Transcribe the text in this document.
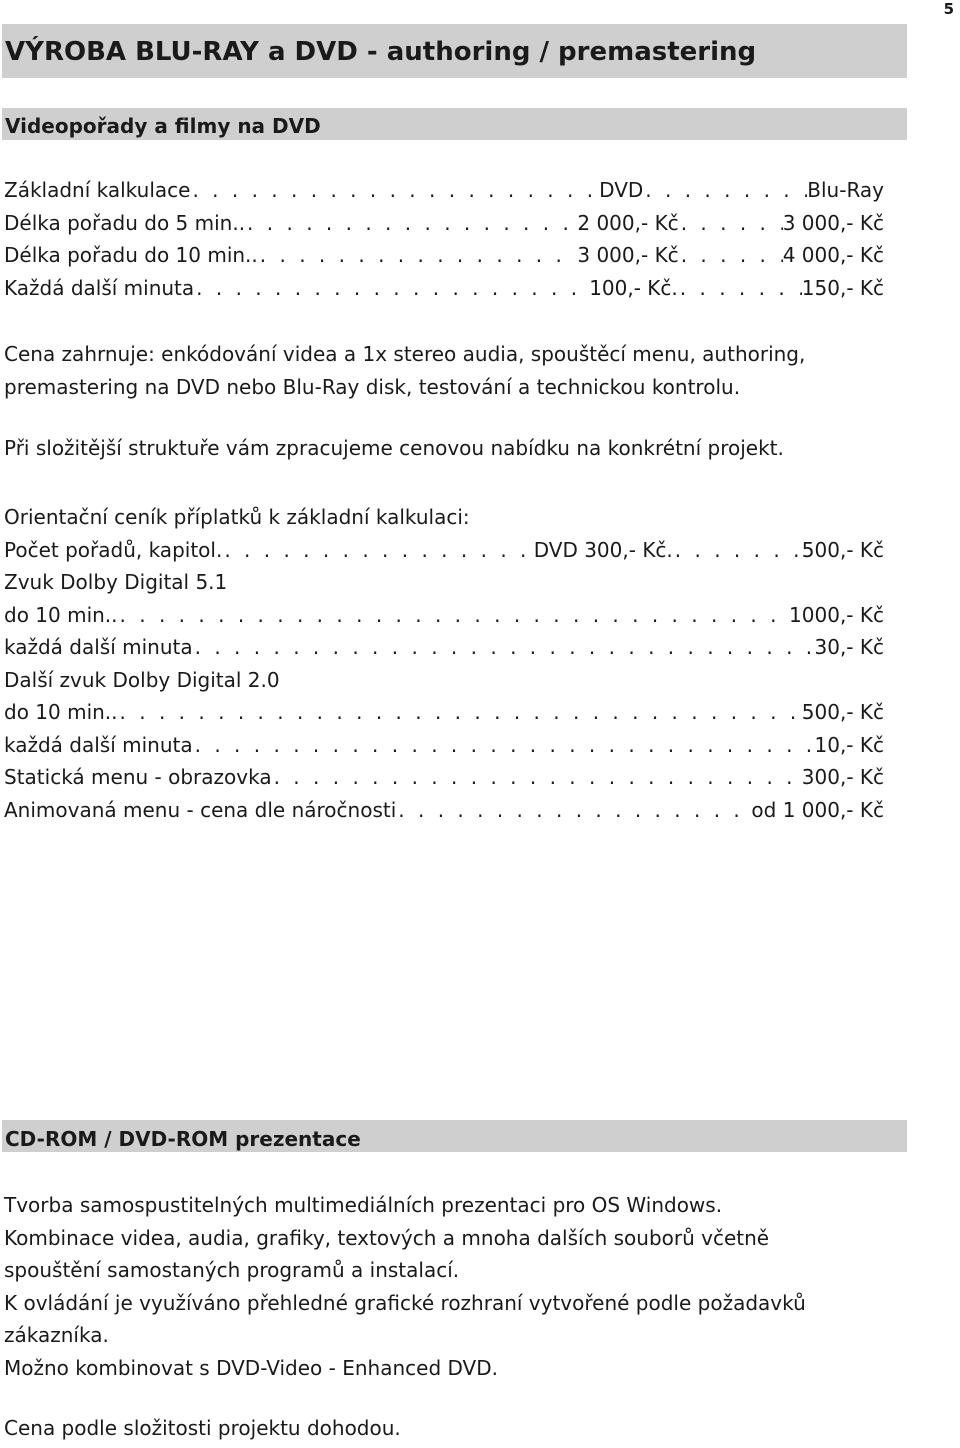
5
VÝROBA BLU-RAY a DVD - authoring / premastering
Videopořady a filmy na DVD
Základní kalkulace . . .	DVD . . .	Blu-Ray
Délka pořadu do 5 min.. . . .	2 000,- Kč . . .	3 000,- Kč
Délka pořadu do 10 min.. . . .	3 000,- Kč . . .	4 000,- Kč
Každá další minuta . . .	100,- Kč. . . .	150,- Kč
Cena zahrnuje: enkódování videa a 1x stereo audia, spouštěcí menu, authoring, premastering na DVD nebo Blu-Ray disk, testování a technickou kontrolu.
Při složitější struktuře vám zpracujeme cenovou nabídku na konkrétní projekt.
Orientační ceník příplatků k základní kalkulaci:
Počet pořadů, kapitol. . . .	DVD 300,- Kč. . . .	500,- Kč
Zvuk Dolby Digital 5.1
do 10 min.. . . .	1000,- Kč
každá další minuta . . .	30,- Kč
Další zvuk Dolby Digital 2.0
do 10 min.. . . .	500,- Kč
každá další minuta . . .	10,- Kč
Statická menu - obrazovka . . .	300,- Kč
Animovaná menu - cena dle náročnosti . . .	od 1 000,- Kč
CD-ROM / DVD-ROM prezentace
Tvorba samospustitelných multimediálních prezentaci pro OS Windows.
Kombinace videa, audia, grafiky, textových a mnoha dalších souborů včetně
spouštění samostaných programů a instalací.
K ovládání je využíváno přehledné grafické rozhraní vytvořené podle požadavků
zákazníka.
Možno kombinovat s DVD-Video - Enhanced DVD.
Cena podle složitosti projektu dohodou.
